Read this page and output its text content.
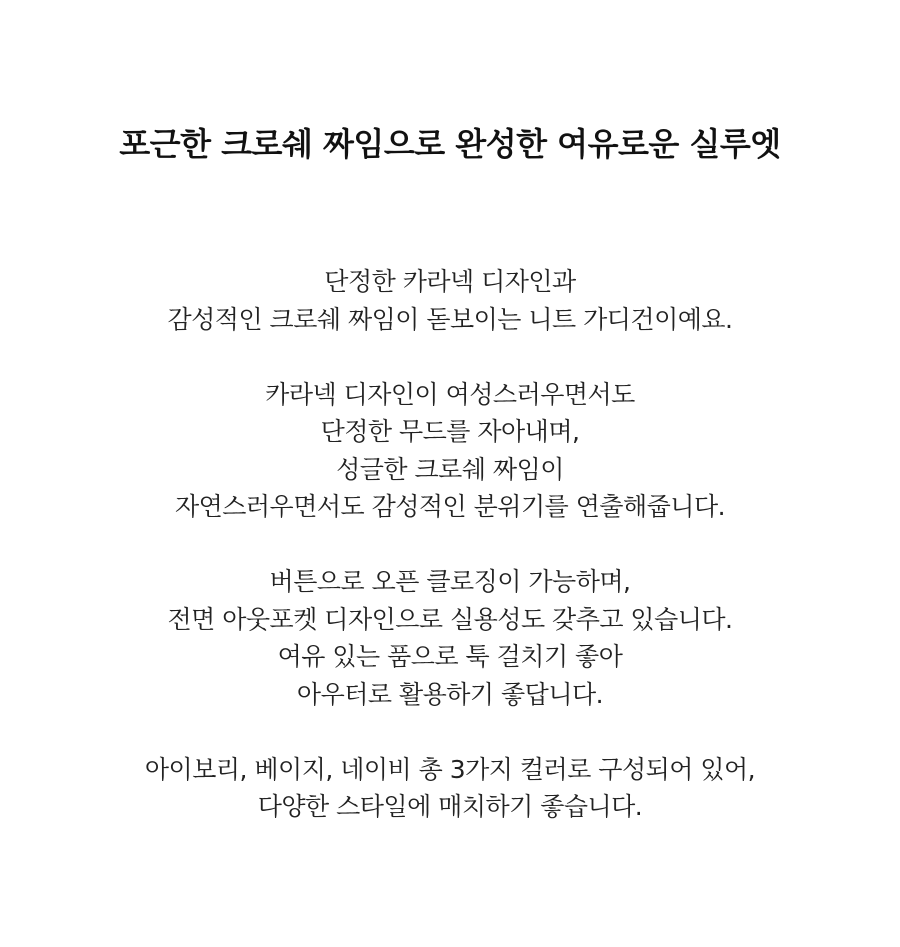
포근한 크로쉐 짜임으로 완성한 여유로운 실루엣
단정한 카라넥 디자인과
감성적인 크로쉐 짜임이 돋보이는 니트 가디건이예요.
카라넥 디자인이 여성스러우면서도
단정한 무드를 자아내며,
성글한 크로쉐 짜임이
자연스러우면서도 감성적인 분위기를 연출해줍니다.
버튼으로 오픈 클로징이 가능하며,
전면 아웃포켓 디자인으로 실용성도 갖추고 있습니다.
여유 있는 품으로 툭 걸치기 좋아
아우터로 활용하기 좋답니다.
아이보리, 베이지, 네이비 총 3가지 컬러로 구성되어 있어,
다양한 스타일에 매치하기 좋습니다.
